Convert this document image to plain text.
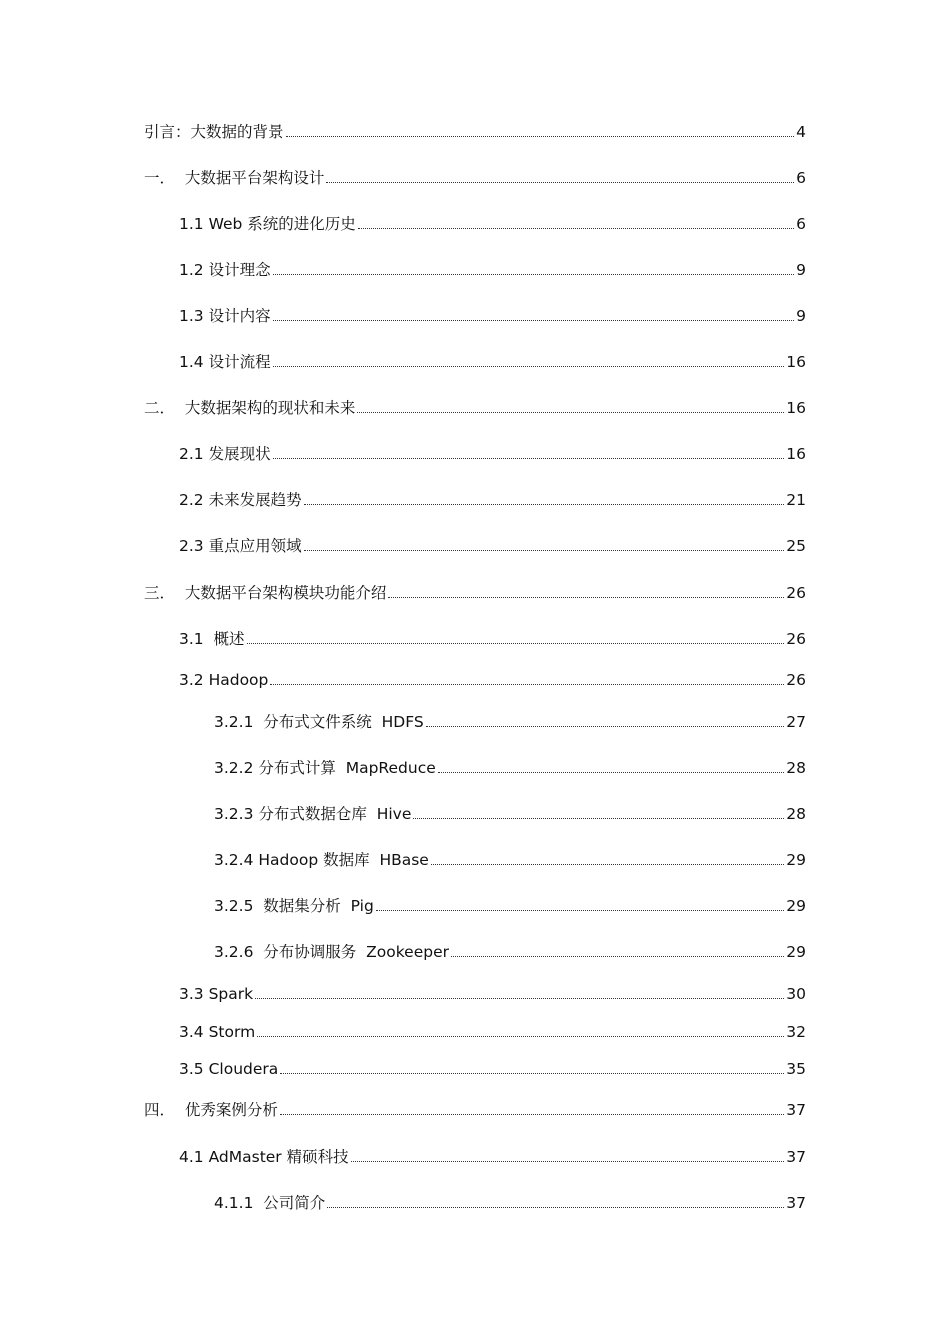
引言：大数据的背景	4
一．  大数据平台架构设计	6
1.1 Web 系统的进化历史	6
1.2 设计理念	9
1.3 设计内容	9
1.4 设计流程	16
二．  大数据架构的现状和未来	16
2.1 发展现状	16
2.2 未来发展趋势	21
2.3 重点应用领域	25
三．  大数据平台架构模块功能介绍	26
3.1  概述	26
3.2 Hadoop	26
3.2.1  分布式文件系统  HDFS	27
3.2.2 分布式计算  MapReduce	28
3.2.3 分布式数据仓库  Hive	28
3.2.4 Hadoop 数据库  HBase	29
3.2.5  数据集分析  Pig	29
3.2.6  分布协调服务  Zookeeper	29
3.3 Spark	30
3.4 Storm	32
3.5 Cloudera	35
四．  优秀案例分析	37
4.1 AdMaster 精硕科技	37
4.1.1  公司简介	37
